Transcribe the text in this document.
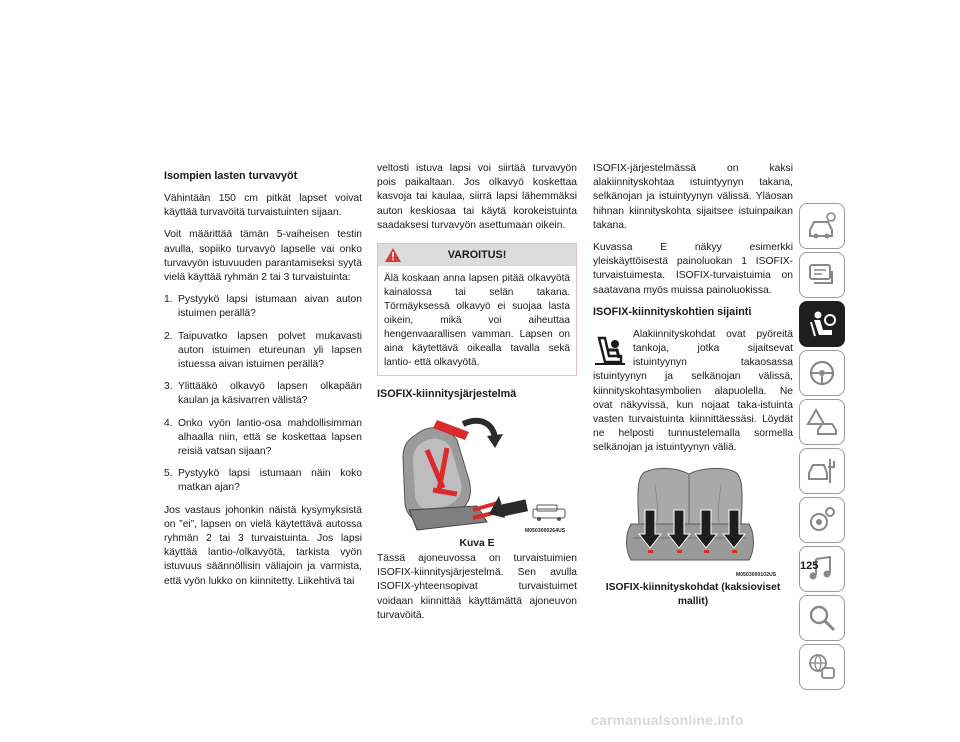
Isompien lasten turvavyöt

Vähintään 150 cm pitkät lapset voivat käyttää turvavöitä turvaistuinten sijaan.

Voit määrittää tämän 5-vaiheisen testin avulla, sopiiko turvavyö lapselle vai onko turvavyön istuvuuden parantamiseksi syytä vielä käyttää ryhmän 2 tai 3 turvaistuinta:

1. Pystyykö lapsi istumaan aivan auton istuimen perällä?
2. Taipuvatko lapsen polvet mukavasti auton istuimen etureunan yli lapsen istuessa aivan istuimen perällä?
3. Ylittääkö olkavyö lapsen olkapään kaulan ja käsivarren välistä?
4. Onko vyön lantio-osa mahdollisimman alhaalla niin, että se koskettaa lapsen reisiä vatsan sijaan?
5. Pystyykö lapsi istumaan näin koko matkan ajan?

Jos vastaus johonkin näistä kysymyksistä on ”ei”, lapsen on vielä käytettävä autossa ryhmän 2 tai 3 turvaistuinta. Jos lapsi käyttää lantio-/olkavyötä, tarkista vyön istuvuus säännöllisin väliajoin ja varmista, että vyön lukko on kiinnitetty. Liikehtivä tai

veltosti istuva lapsi voi siirtää turvavyön pois paikaltaan. Jos olkavyö koskettaa kasvoja tai kaulaa, siirrä lapsi lähemmäksi auton keskiosaa tai käytä korokeistuinta saadaksesi turvavyön asettumaan oikein.

VAROITUS!
Älä koskaan anna lapsen pitää olkavyötä kainalossa tai selän takana. Törmäyksessä olkavyö ei suojaa lasta oikein, mikä voi aiheuttaa hengenvaarallisen vamman. Lapsen on aina käytettävä oikealla tavalla sekä lantio- että olkavyötä.
ISOFIX-kiinnitysjärjestelmä
M0503000264US
Kuva E

Tässä ajoneuvossa on turvaistuimien ISOFIX-kiinnitysjärjestelmä. Sen avulla ISOFIX-yhteensopivat turvaistuimet voidaan kiinnittää käyttämättä ajoneuvon turvavöitä.

ISOFIX-järjestelmässä on kaksi alakiinnityskohtaa istuintyynyn takana, selkänojan ja istuintyynyn välissä. Yläosan hihnan kiinnityskohta sijaitsee istuinpaikan takana.

Kuvassa E näkyy esimerkki yleiskäyttöisestä painoluokan 1 ISOFIX-turvaistuimesta. ISOFIX-turvaistuimia on saatavana myös muissa painoluokissa.

ISOFIX-kiinnityskohtien sijainti

Alakiinnityskohdat ovat pyöreitä tankoja, jotka sijaitsevat istuintyynyn takaosassa istuintyynyn ja selkänojan välissä, kiinnityskohtasymbolien alapuolella. Ne ovat näkyvissä, kun nojaat taka-istuinta vasten turvaistuinta kiinnittäessäsi. Löydät ne helposti tunnustelemalla sormella selkänojan ja istuintyynyn väliä.

M0503000102US
ISOFIX-kiinnityskohdat (kaksioviset mallit)
125
carmanualsonline.info
